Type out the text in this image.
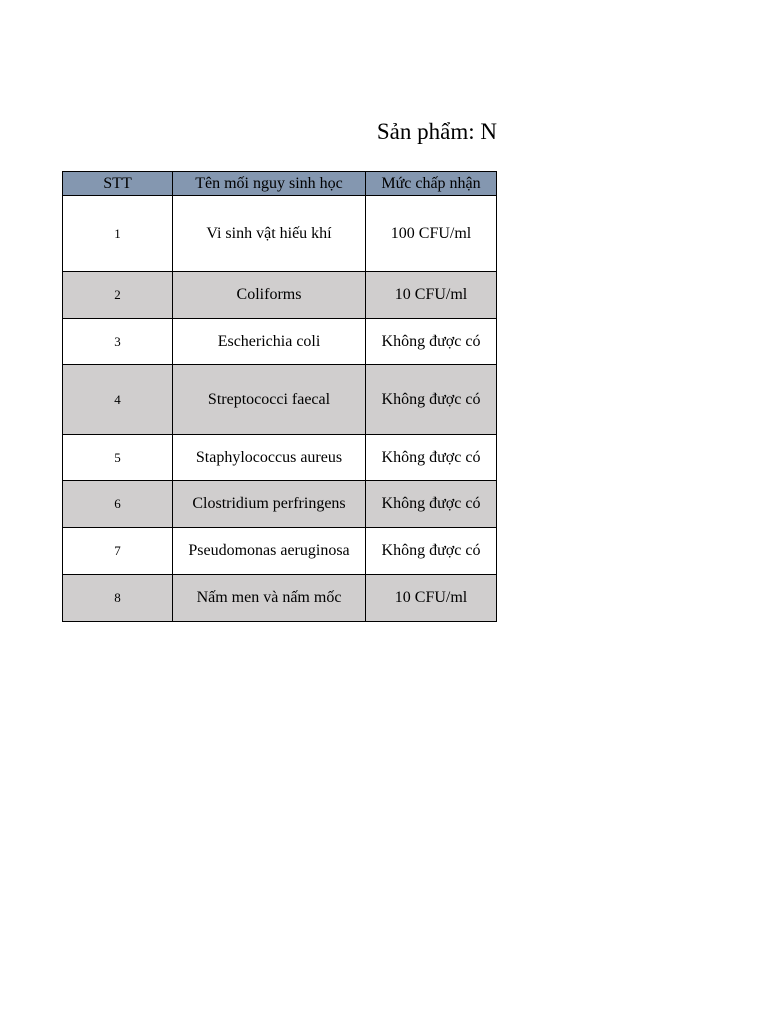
Sản phẩm: N
STT	Tên mối nguy sinh học	Mức chấp nhận
1	Vi sinh vật hiếu khí	100 CFU/ml
2	Coliforms	10 CFU/ml
3	Escherichia coli	Không được có
4	Streptococci faecal	Không được có
5	Staphylococcus aureus	Không được có
6	Clostridium perfringens	Không được có
7	Pseudomonas aeruginosa	Không được có
8	Nấm men và nấm mốc	10 CFU/ml
